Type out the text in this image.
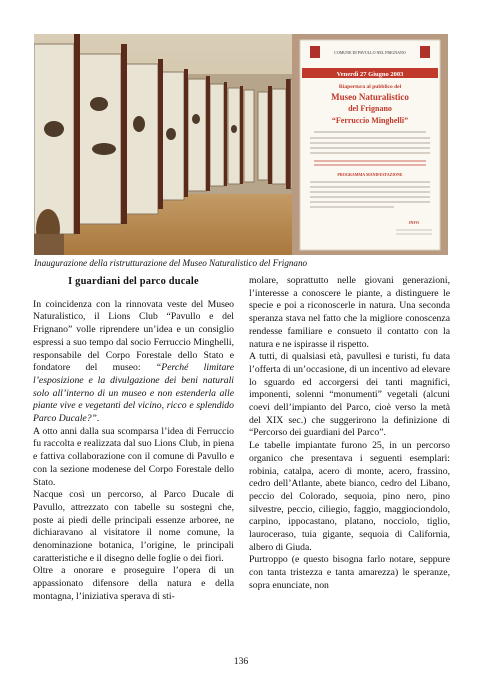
COMUNE DI PAVULLO NEL FRIGNANO
Venerdì 27 Giugno 2003
Riapertura al pubblico del
Museo Naturalistico
del Frignano
“Ferruccio Minghelli”
PROGRAMMA MANIFESTAZIONE
INFO
Inaugurazione della ristrutturazione del Museo Naturalistico del Frignano

I guardiani del parco ducale

In coincidenza con la rinnovata veste del Museo Naturalistico, il Lions Club “Pavullo e del Frignano” volle riprendere un’idea e un consiglio espressi a suo tempo dal socio Ferruccio Minghelli, responsabile del Corpo Forestale dello Stato e fondatore del museo: “Perché limitare l’esposizione e la divulgazione dei beni naturali solo all’interno di un museo e non estenderla alle piante vive e vegetanti del vicino, ricco e splendido Parco Ducale?”.

A otto anni dalla sua scomparsa l’idea di Ferruccio fu raccolta e realizzata dal suo Lions Club, in piena e fattiva collaborazione con il comune di Pavullo e con la sezione modenese del Corpo Forestale dello Stato.

Nacque così un percorso, al Parco Ducale di Pavullo, attrezzato con tabelle su sostegni che, poste ai piedi delle principali essenze arboree, ne dichiaravano al visitatore il nome comune, la denominazione botanica, l’origine, le principali caratteristiche e il disegno delle foglie o dei fiori.

Oltre a onorare e proseguire l’opera di un appassionato difensore della natura e della montagna, l’iniziativa sperava di sti-

molare, soprattutto nelle giovani generazioni, l’interesse a conoscere le piante, a distinguere le specie e poi a riconoscerle in natura. Una seconda speranza stava nel fatto che la migliore conoscenza rendesse familiare e consueto il contatto con la natura e ne ispirasse il rispetto.

A tutti, di qualsiasi età, pavullesi e turisti, fu data l’offerta di un’occasione, di un incentivo ad elevare lo sguardo ed accorgersi dei tanti magnifici, imponenti, solenni “monumenti” vegetali (alcuni coevi dell’impianto del Parco, cioè verso la metà del XIX sec.) che suggerirono la definizione di “Percorso dei guardiani del Parco”.

Le tabelle impiantate furono 25, in un percorso organico che presentava i seguenti esemplari: robinia, catalpa, acero di monte, acero, frassino, cedro dell’Atlante, abete bianco, cedro del Libano, peccio del Colorado, sequoia, pino nero, pino silvestre, peccio, ciliegio, faggio, maggiociondolo, carpino, ippocastano, platano, nocciolo, tiglio, laurocerasο, tuia gigante, sequoia di California, albero di Giuda.

Purtroppo (e questo bisogna farlo notare, seppure con tanta tristezza e tanta amarezza) le speranze, sopra enunciate, non

136
